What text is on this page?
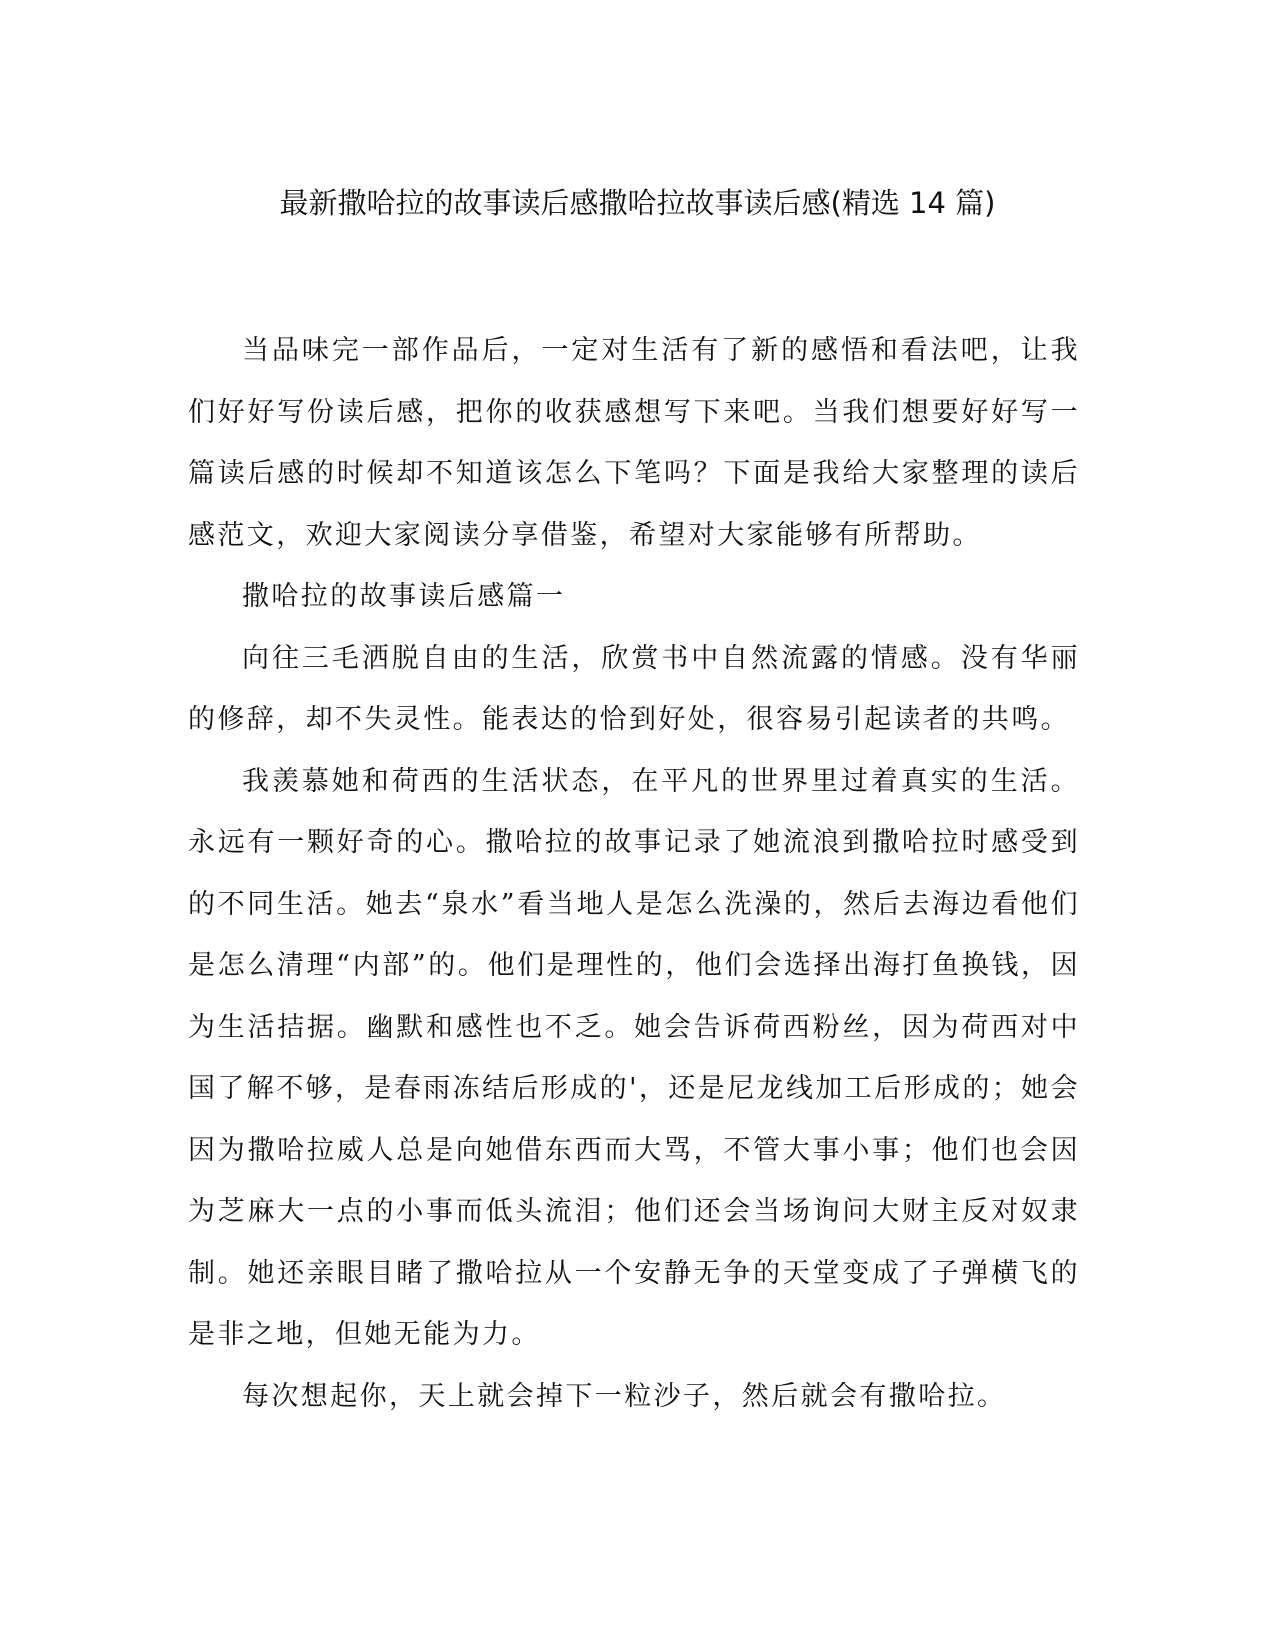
最新撒哈拉的故事读后感撒哈拉故事读后感(精选 14 篇)

当品味完一部作品后，一定对生活有了新的感悟和看法吧，让我们好好写份读后感，把你的收获感想写下来吧。当我们想要好好写一篇读后感的时候却不知道该怎么下笔吗？下面是我给大家整理的读后感范文，欢迎大家阅读分享借鉴，希望对大家能够有所帮助。

撒哈拉的故事读后感篇一

向往三毛洒脱自由的生活，欣赏书中自然流露的情感。没有华丽的修辞，却不失灵性。能表达的恰到好处，很容易引起读者的共鸣。

我羡慕她和荷西的生活状态，在平凡的世界里过着真实的生活。永远有一颗好奇的心。撒哈拉的故事记录了她流浪到撒哈拉时感受到的不同生活。她去“泉水”看当地人是怎么洗澡的，然后去海边看他们是怎么清理“内部”的。他们是理性的，他们会选择出海打鱼换钱，因为生活拮据。幽默和感性也不乏。她会告诉荷西粉丝，因为荷西对中国了解不够，是春雨冻结后形成的'，还是尼龙线加工后形成的；她会因为撒哈拉威人总是向她借东西而大骂，不管大事小事；他们也会因为芝麻大一点的小事而低头流泪；他们还会当场询问大财主反对奴隶制。她还亲眼目睹了撒哈拉从一个安静无争的天堂变成了子弹横飞的是非之地，但她无能为力。

每次想起你，天上就会掉下一粒沙子，然后就会有撒哈拉。
